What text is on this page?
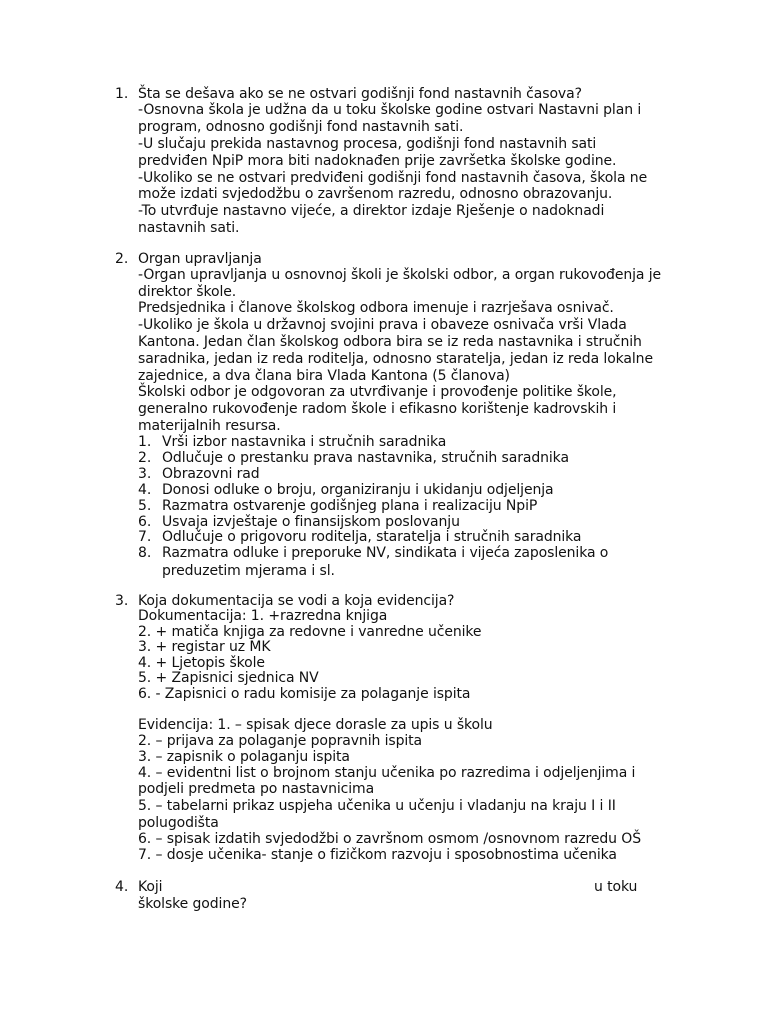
1. Šta se dešava ako se ne ostvari godišnji fond nastavnih časova?
-Osnovna škola je udžna da u toku školske godine ostvari Nastavni plan i
program, odnosno godišnji fond nastavnih sati.
-U slučaju prekida nastavnog procesa, godišnji fond nastavnih sati
predviđen NpiP mora biti nadoknađen prije završetka školske godine.
-Ukoliko se ne ostvari predviđeni godišnji fond nastavnih časova, škola ne
može izdati svjedodžbu o završenom razredu, odnosno obrazovanju.
-To utvrđuje nastavno vijeće, a direktor izdaje Rješenje o nadoknadi
nastavnih sati.
2. Organ upravljanja
-Organ upravljanja u osnovnoj školi je školski odbor, a organ rukovođenja je
direktor škole.
Predsjednika i članove školskog odbora imenuje i razrješava osnivač.
-Ukoliko je škola u državnoj svojini prava i obaveze osnivača vrši Vlada
Kantona. Jedan član školskog odbora bira se iz reda nastavnika i stručnih
saradnika, jedan iz reda roditelja, odnosno staratelja, jedan iz reda lokalne
zajednice, a dva člana bira Vlada Kantona (5 članova)
Školski odbor je odgovoran za utvrđivanje i provođenje politike škole,
generalno rukovođenje radom škole i efikasno korištenje kadrovskih i
materijalnih resursa.
1. Vrši izbor nastavnika i stručnih saradnika
2. Odlučuje o prestanku prava nastavnika, stručnih saradnika
3. Obrazovni rad
4. Donosi odluke o broju, organiziranju i ukidanju odjeljenja
5. Razmatra ostvarenje godišnjeg plana i realizaciju NpiP
6. Usvaja izvještaje o finansijskom poslovanju
7. Odlučuje o prigovoru roditelja, staratelja i stručnih saradnika
8. Razmatra odluke i preporuke NV, sindikata i vijeća zaposlenika o
preduzetim mjerama i sl.
3. Koja dokumentacija se vodi a koja evidencija?
Dokumentacija: 1. +razredna knjiga
2. + matiča knjiga za redovne i vanredne učenike
3. + registar uz MK
4. + Ljetopis škole
5. + Zapisnici sjednica NV
6. - Zapisnici o radu komisije za polaganje ispita
Evidencija: 1. – spisak djece dorasle za upis u školu
2. – prijava za polaganje popravnih ispita
3. – zapisnik o polaganju ispita
4. – evidentni list o brojnom stanju učenika po razredima i odjeljenjima i
podjeli predmeta po nastavnicima
5. – tabelarni prikaz uspjeha učenika u učenju i vladanju na kraju I i II
polugodišta
6. – spisak izdatih svjedodžbi o završnom osmom /osnovnom razredu OŠ
7. – dosje učenika- stanje o fizičkom razvoju i sposobnostima učenika
4. Koji	u toku
školske godine?
